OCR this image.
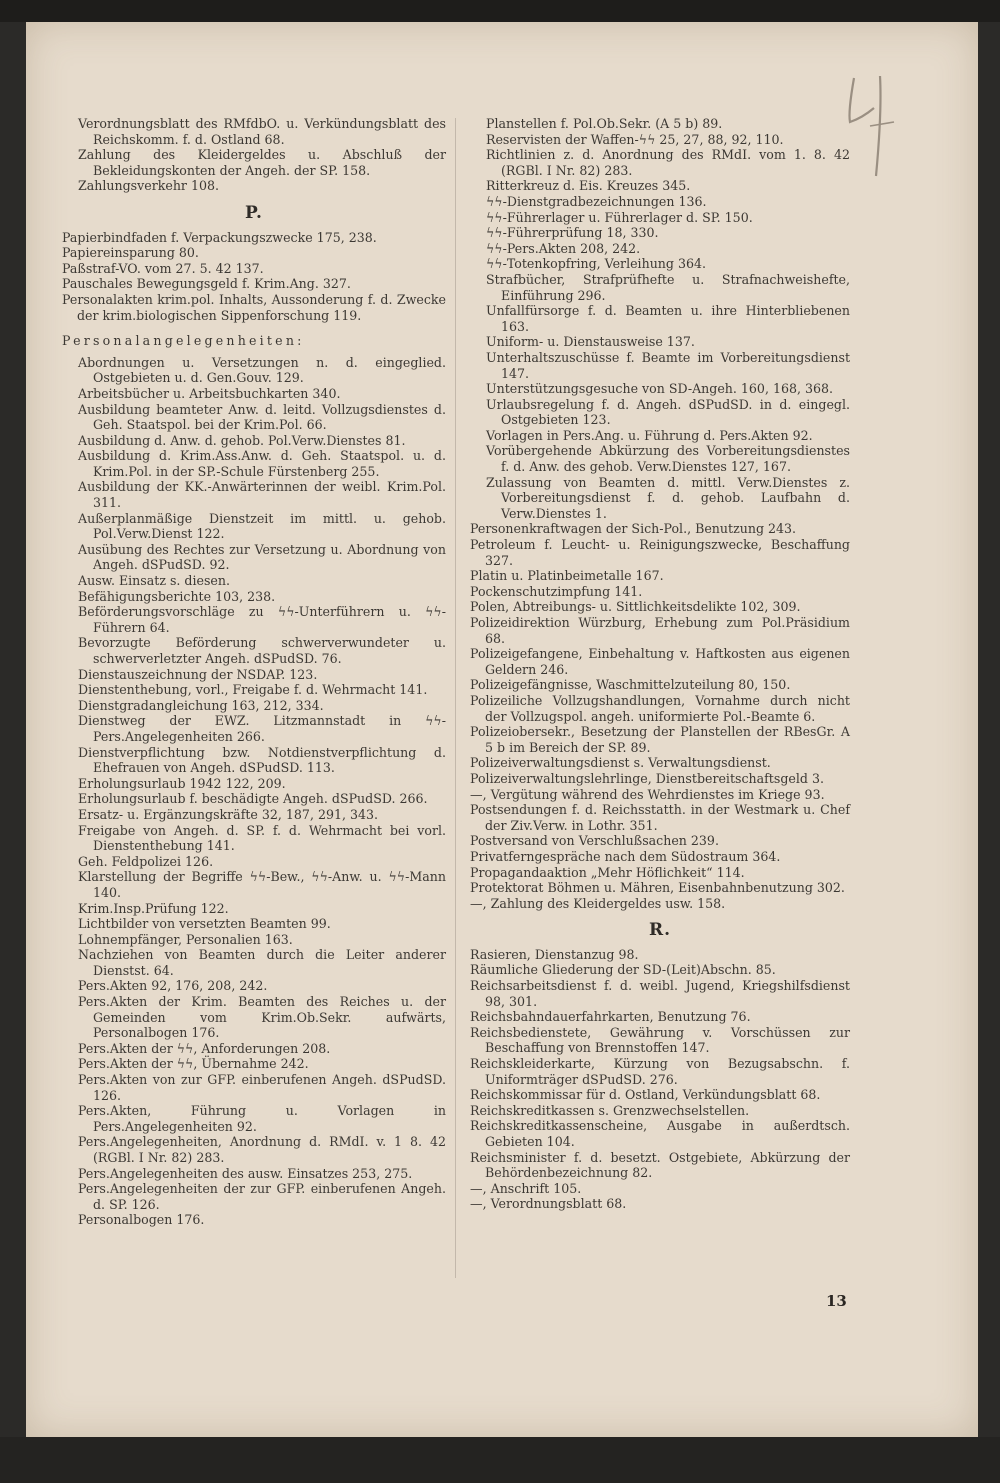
Verordnungsblatt des RMfdbO. u. Verkündungsblatt des Reichskomm. f. d. Ostland 68.
Zahlung des Kleidergeldes u. Abschluß der Bekleidungskonten der Angeh. der SP. 158.
Zahlungsverkehr 108.
P.
Papierbindfaden f. Verpackungszwecke 175, 238.
Papiereinsparung 80.
Paßstraf-VO. vom 27. 5. 42 137.
Pauschales Bewegungsgeld f. Krim.Ang. 327.
Personalakten krim.pol. Inhalts, Aussonderung f. d. Zwecke der krim.biologischen Sippenforschung 119.
Personalangelegenheiten:
Abordnungen u. Versetzungen n. d. eingeglied. Ostgebieten u. d. Gen.Gouv. 129.
Arbeitsbücher u. Arbeitsbuchkarten 340.
Ausbildung beamteter Anw. d. leitd. Vollzugsdienstes d. Geh. Staatspol. bei der Krim.Pol. 66.
Ausbildung d. Anw. d. gehob. Pol.Verw.Dienstes 81.
Ausbildung d. Krim.Ass.Anw. d. Geh. Staatspol. u. d. Krim.Pol. in der SP.-Schule Fürstenberg 255.
Ausbildung der KK.-Anwärterinnen der weibl. Krim.Pol. 311.
Außerplanmäßige Dienstzeit im mittl. u. gehob. Pol.Verw.Dienst 122.
Ausübung des Rechtes zur Versetzung u. Abordnung von Angeh. dSPudSD. 92.
Ausw. Einsatz s. diesen.
Befähigungsberichte 103, 238.
Beförderungsvorschläge zu ϟϟ-Unterführern u. ϟϟ-Führern 64.
Bevorzugte Beförderung schwerverwundeter u. schwerverletzter Angeh. dSPudSD. 76.
Dienstauszeichnung der NSDAP. 123.
Dienstenthebung, vorl., Freigabe f. d. Wehrmacht 141.
Dienstgradangleichung 163, 212, 334.
Dienstweg der EWZ. Litzmannstadt in ϟϟ-Pers.Angelegenheiten 266.
Dienstverpflichtung bzw. Notdienstverpflichtung d. Ehefrauen von Angeh. dSPudSD. 113.
Erholungsurlaub 1942 122, 209.
Erholungsurlaub f. beschädigte Angeh. dSPudSD. 266.
Ersatz- u. Ergänzungskräfte 32, 187, 291, 343.
Freigabe von Angeh. d. SP. f. d. Wehrmacht bei vorl. Dienstenthebung 141.
Geh. Feldpolizei 126.
Klarstellung der Begriffe ϟϟ-Bew., ϟϟ-Anw. u. ϟϟ-Mann 140.
Krim.Insp.Prüfung 122.
Lichtbilder von versetzten Beamten 99.
Lohnempfänger, Personalien 163.
Nachziehen von Beamten durch die Leiter anderer Dienstst. 64.
Pers.Akten 92, 176, 208, 242.
Pers.Akten der Krim. Beamten des Reiches u. der Gemeinden vom Krim.Ob.Sekr. aufwärts, Personalbogen 176.
Pers.Akten der ϟϟ, Anforderungen 208.
Pers.Akten der ϟϟ, Übernahme 242.
Pers.Akten von zur GFP. einberufenen Angeh. dSPudSD. 126.
Pers.Akten, Führung u. Vorlagen in Pers.Angelegenheiten 92.
Pers.Angelegenheiten, Anordnung d. RMdI. v. 1 8. 42 (RGBl. I Nr. 82) 283.
Pers.Angelegenheiten des ausw. Einsatzes 253, 275.
Pers.Angelegenheiten der zur GFP. einberufenen Angeh. d. SP. 126.
Personalbogen 176.
Planstellen f. Pol.Ob.Sekr. (A 5 b) 89.
Reservisten der Waffen-ϟϟ 25, 27, 88, 92, 110.
Richtlinien z. d. Anordnung des RMdI. vom 1. 8. 42 (RGBl. I Nr. 82) 283.
Ritterkreuz d. Eis. Kreuzes 345.
ϟϟ-Dienstgradbezeichnungen 136.
ϟϟ-Führerlager u. Führerlager d. SP. 150.
ϟϟ-Führerprüfung 18, 330.
ϟϟ-Pers.Akten 208, 242.
ϟϟ-Totenkopfring, Verleihung 364.
Strafbücher, Strafprüfhefte u. Strafnachweishefte, Einführung 296.
Unfallfürsorge f. d. Beamten u. ihre Hinterbliebenen 163.
Uniform- u. Dienstausweise 137.
Unterhaltszuschüsse f. Beamte im Vorbereitungsdienst 147.
Unterstützungsgesuche von SD-Angeh. 160, 168, 368.
Urlaubsregelung f. d. Angeh. dSPudSD. in d. eingegl. Ostgebieten 123.
Vorlagen in Pers.Ang. u. Führung d. Pers.Akten 92.
Vorübergehende Abkürzung des Vorbereitungsdienstes f. d. Anw. des gehob. Verw.Dienstes 127, 167.
Zulassung von Beamten d. mittl. Verw.Dienstes z. Vorbereitungsdienst f. d. gehob. Laufbahn d. Verw.Dienstes 1.
Personenkraftwagen der Sich-Pol., Benutzung 243.
Petroleum f. Leucht- u. Reinigungszwecke, Beschaffung 327.
Platin u. Platinbeimetalle 167.
Pockenschutzimpfung 141.
Polen, Abtreibungs- u. Sittlichkeitsdelikte 102, 309.
Polizeidirektion Würzburg, Erhebung zum Pol.Präsidium 68.
Polizeigefangene, Einbehaltung v. Haftkosten aus eigenen Geldern 246.
Polizeigefängnisse, Waschmittelzuteilung 80, 150.
Polizeiliche Vollzugshandlungen, Vornahme durch nicht der Vollzugspol. angeh. uniformierte Pol.-Beamte 6.
Polizeiobersekr., Besetzung der Planstellen der RBesGr. A 5 b im Bereich der SP. 89.
Polizeiverwaltungsdienst s. Verwaltungsdienst.
Polizeiverwaltungslehrlinge, Dienstbereitschaftsgeld 3.
—, Vergütung während des Wehrdienstes im Kriege 93.
Postsendungen f. d. Reichsstatth. in der Westmark u. Chef der Ziv.Verw. in Lothr. 351.
Postversand von Verschlußsachen 239.
Privatferngespräche nach dem Südostraum 364.
Propagandaaktion „Mehr Höflichkeit“ 114.
Protektorat Böhmen u. Mähren, Eisenbahnbenutzung 302.
—, Zahlung des Kleidergeldes usw. 158.
R.
Rasieren, Dienstanzug 98.
Räumliche Gliederung der SD-(Leit)Abschn. 85.
Reichsarbeitsdienst f. d. weibl. Jugend, Kriegshilfsdienst 98, 301.
Reichsbahndauerfahrkarten, Benutzung 76.
Reichsbedienstete, Gewährung v. Vorschüssen zur Beschaffung von Brennstoffen 147.
Reichskleiderkarte, Kürzung von Bezugsabschn. f. Uniformträger dSPudSD. 276.
Reichskommissar für d. Ostland, Verkündungsblatt 68.
Reichskreditkassen s. Grenzwechselstellen.
Reichskreditkassenscheine, Ausgabe in außerdtsch. Gebieten 104.
Reichsminister f. d. besetzt. Ostgebiete, Abkürzung der Behördenbezeichnung 82.
—, Anschrift 105.
—, Verordnungsblatt 68.
13
